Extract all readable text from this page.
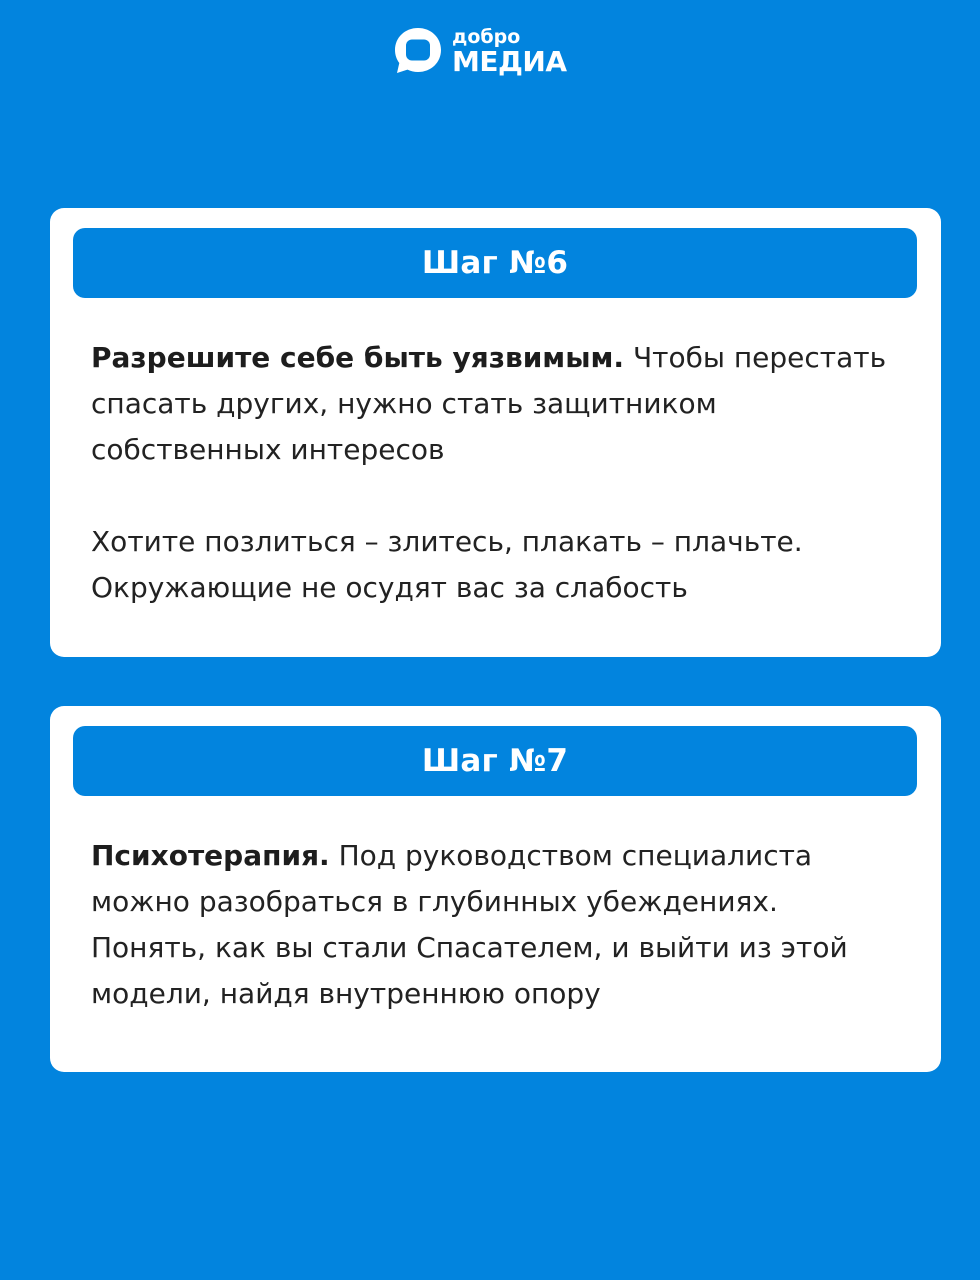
добро
МЕДИА
Шаг №6

Разрешите себе быть уязвимым. Чтобы перестать спасать других, нужно стать защитником собственных интересов

Хотите позлиться – злитесь, плакать – плачьте. Окружающие не осудят вас за слабость

Шаг №7

Психотерапия. Под руководством специалиста можно разобраться в глубинных убеждениях. Понять, как вы стали Спасателем, и выйти из этой модели, найдя внутреннюю опору
